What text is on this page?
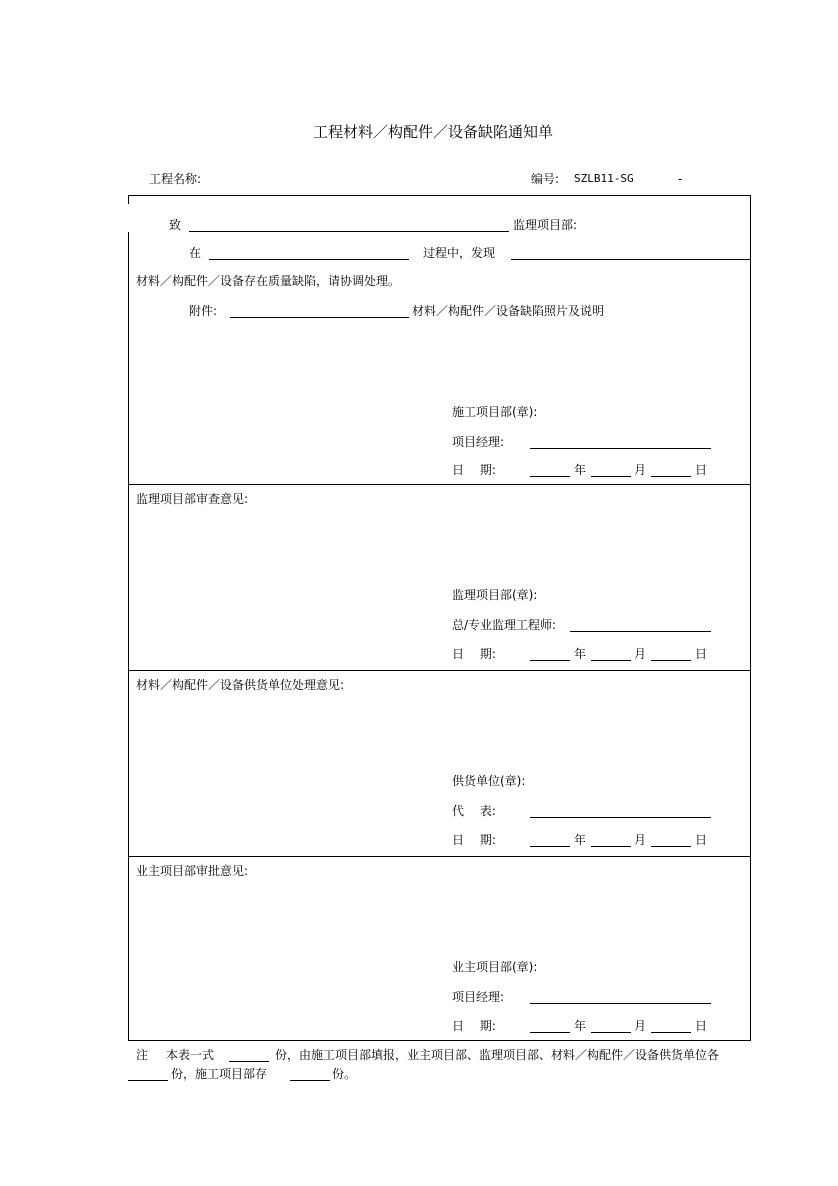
工程材料／构配件／设备缺陷通知单
工程名称:	编号: SZLB11-SG	-
致	监理项目部:
在	过程中，发现
材料／构配件／设备存在质量缺陷，请协调处理。
附件:	材料／构配件／设备缺陷照片及说明
施工项目部(章):
项目经理:
日　 期:	年	月	日
监理项目部审查意见:
监理项目部(章):
总/专业监理工程师:
日　 期:	年	月	日
材料／构配件／设备供货单位处理意见:
供货单位(章):
代　 表:
日　 期:	年	月	日
业主项目部审批意见:
业主项目部(章):
项目经理:
日　 期:	年	月	日
注 本表一式	份，由施工项目部填报，业主项目部、监理项目部、材料／构配件／设备供货单位各
份，施工项目部存	份。
